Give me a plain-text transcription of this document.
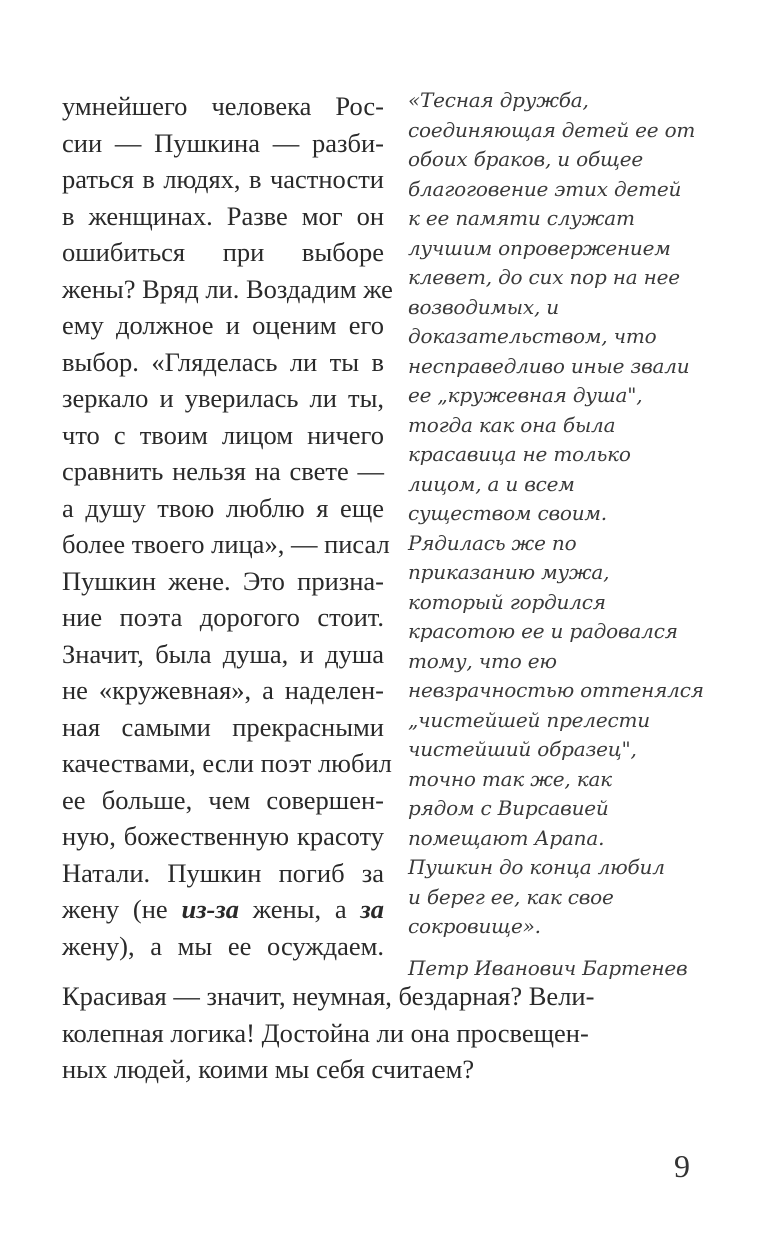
умнейшего человека Рос-
сии — Пушкина — разби-
раться в людях, в частности
в женщинах. Разве мог он
ошибиться при выборе
жены? Вряд ли. Воздадим же
ему должное и оценим его
выбор. «Гляделась ли ты в
зеркало и уверилась ли ты,
что с твоим лицом ничего
сравнить нельзя на свете —
а душу твою люблю я еще
более твоего лица», — писал
Пушкин жене. Это призна-
ние поэта дорогого стоит.
Значит, была душа, и душа
не «кружевная», а наделен-
ная самыми прекрасными
качествами, если поэт любил
ее больше, чем совершен-
ную, божественную красоту
Натали. Пушкин погиб за
жену (не из-за жены, а за
жену), а мы ее осуждаем.
«Тесная дружба,
соединяющая детей ее от
обоих браков, и общее
благоговение этих детей
к ее памяти служат
лучшим опровержением
клевет, до сих пор на нее
возводимых, и
доказательством, что
несправедливо иные звали
ее „кружевная душа",
тогда как она была
красавица не только
лицом, а и всем
существом своим.
Рядилась же по
приказанию мужа,
который гордился
красотою ее и радовался
тому, что ею
невзрачностью оттенялся
„чистейшей прелести
чистейший образец",
точно так же, как
рядом с Вирсавией
помещают Арапа.
Пушкин до конца любил
и берег ее, как свое
сокровище».
Петр Иванович Бартенев
Красивая — значит, неумная, бездарная? Вели-
колепная логика! Достойна ли она просвещен-
ных людей, коими мы себя считаем?
9
